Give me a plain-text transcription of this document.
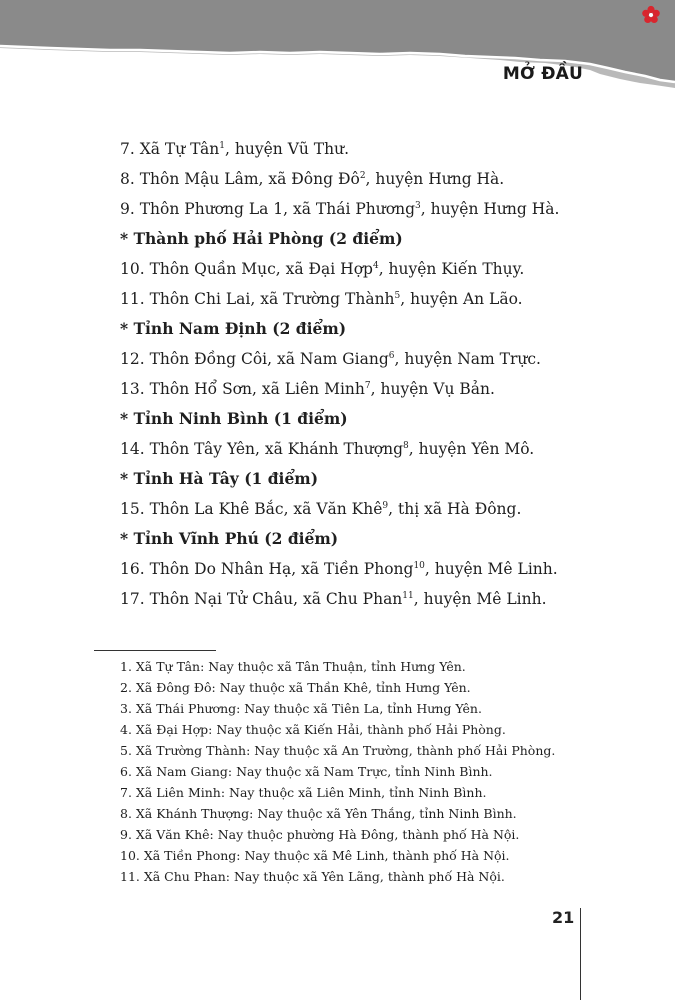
MỞ ĐẦU
7. Xã Tự Tân$^1$, huyện Vũ Thư.
8. Thôn Mậu Lâm, xã Đông $Đô^2$, huyện Hưng Hà.
9. Thôn Phương La 1, xã Thái Phương$^3$, huyện Hưng Hà.
* Thành phố Hải Phòng (2 điểm)
10. Thôn Quần Mục, xã Đại Hợp$^4$, huyện Kiến Thụy.
11. Thôn Chi Lai, xã Trường Thành$^5$, huyện An Lão.
* Tỉnh Nam Định (2 điểm)
12. Thôn Đồng Côi, xã Nam Giang$^6$, huyện Nam Trực.
13. Thôn Hổ Sơn, xã Liên Minh$^7$, huyện Vụ Bản.
* Tỉnh Ninh Bình (1 điểm)
14. Thôn Tây Yên, xã Khánh Thượng$^8$, huyện Yên Mô.
* Tỉnh Hà Tây (1 điểm)
15. Thôn La Khê Bắc, xã Văn Khê$^9$, thị xã Hà Đông.
* Tỉnh Vĩnh Phú (2 điểm)
16. Thôn Do Nhân Hạ, xã Tiền Phong$^{10}$, huyện Mê Linh.
17. Thôn Nại Tử Châu, xã Chu Phan$^{11}$, huyện Mê Linh.
1. Xã Tự Tân: Nay thuộc xã Tân Thuận, tỉnh Hưng Yên.
2. Xã Đông Đô: Nay thuộc xã Thần Khê, tỉnh Hưng Yên.
3. Xã Thái Phương: Nay thuộc xã Tiên La, tỉnh Hưng Yên.
4. Xã Đại Hợp: Nay thuộc xã Kiến Hải, thành phố Hải Phòng.
5. Xã Trường Thành: Nay thuộc xã An Trường, thành phố Hải Phòng.
6. Xã Nam Giang: Nay thuộc xã Nam Trực, tỉnh Ninh Bình.
7. Xã Liên Minh: Nay thuộc xã Liên Minh, tỉnh Ninh Bình.
8. Xã Khánh Thượng: Nay thuộc xã Yên Thắng, tỉnh Ninh Bình.
9. Xã Văn Khê: Nay thuộc phường Hà Đông, thành phố Hà Nội.
10. Xã Tiền Phong: Nay thuộc xã Mê Linh, thành phố Hà Nội.
11. Xã Chu Phan: Nay thuộc xã Yên Lãng, thành phố Hà Nội.
21
